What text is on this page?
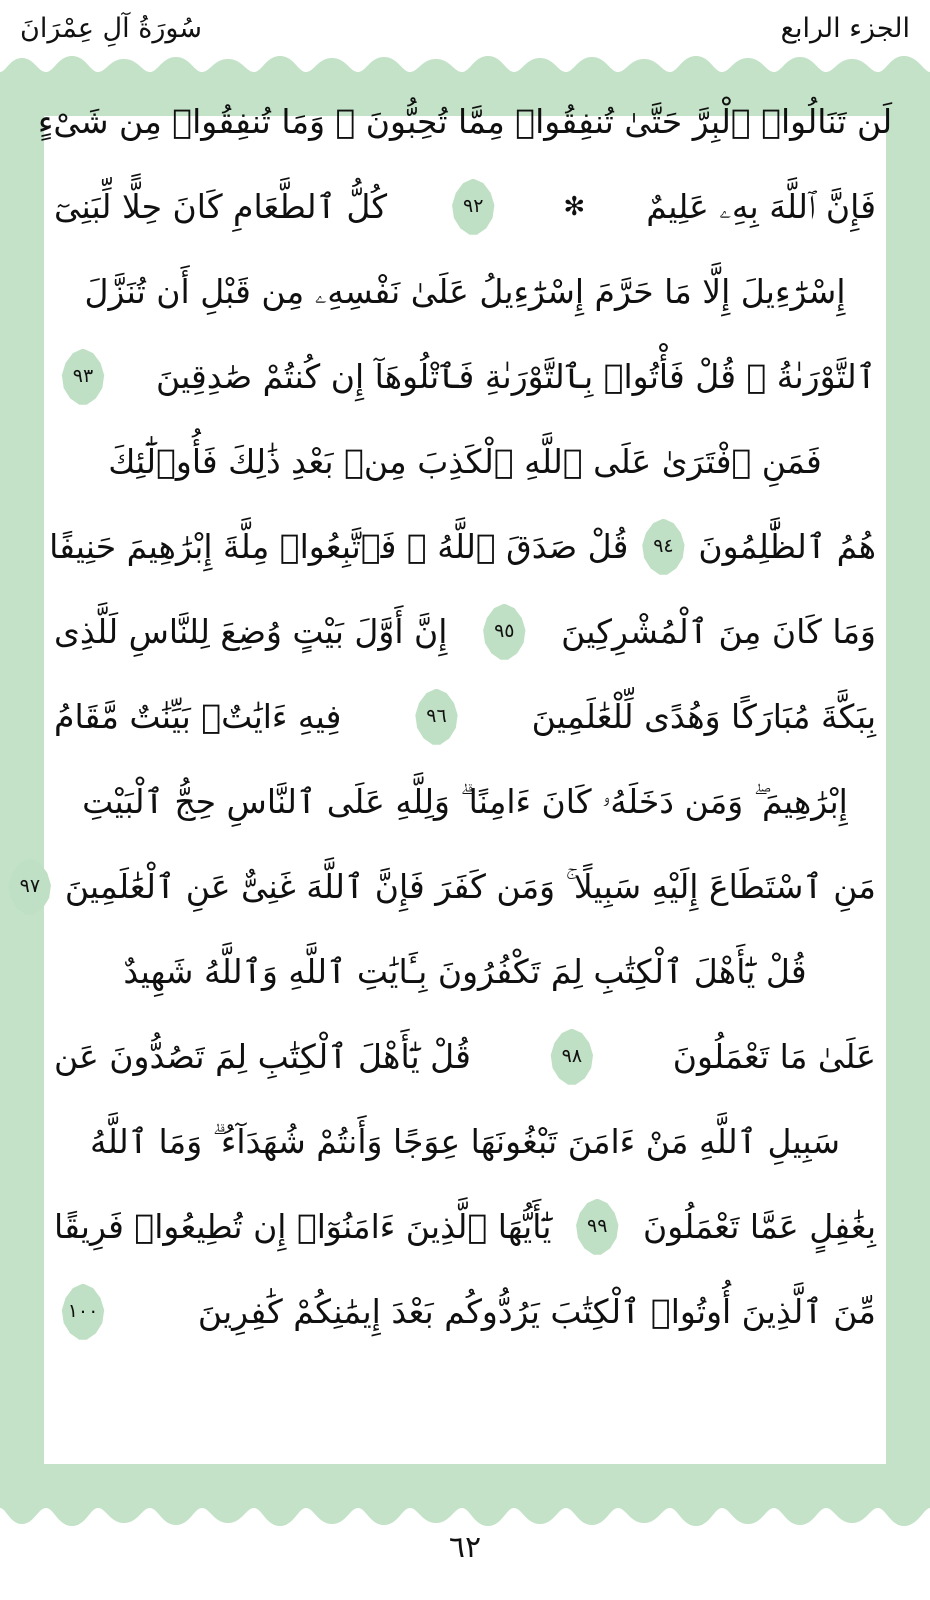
الجزء الرابع
سُورَةُ آلِ عِمْرَانَ
لَن تَنَالُوا۟ ٱلْبِرَّ حَتَّىٰ تُنفِقُوا۟ مِمَّا تُحِبُّونَ ۚ وَمَا تُنفِقُوا۟ مِن شَىْءٍ
فَإِنَّ ٱللَّهَ بِهِۦ عَلِيمٌ
✻
٩٢
كُلُّ ٱلطَّعَامِ كَانَ حِلًّا لِّبَنِىٓ
إِسْرَٰٓءِيلَ إِلَّا مَا حَرَّمَ إِسْرَٰٓءِيلُ عَلَىٰ نَفْسِهِۦ مِن قَبْلِ أَن تُنَزَّلَ
ٱلتَّوْرَىٰةُ ۗ قُلْ فَأْتُوا۟ بِٱلتَّوْرَىٰةِ فَٱتْلُوهَآ إِن كُنتُمْ صَٰدِقِينَ
٩٣
فَمَنِ ٱفْتَرَىٰ عَلَى ٱللَّهِ ٱلْكَذِبَ مِنۢ بَعْدِ ذَٰلِكَ فَأُو۟لَٰٓئِكَ
هُمُ ٱلظَّٰلِمُونَ
٩٤
قُلْ صَدَقَ ٱللَّهُ ۗ فَٱتَّبِعُوا۟ مِلَّةَ إِبْرَٰهِيمَ حَنِيفًا
وَمَا كَانَ مِنَ ٱلْمُشْرِكِينَ
٩٥
إِنَّ أَوَّلَ بَيْتٍ وُضِعَ لِلنَّاسِ لَلَّذِى
بِبَكَّةَ مُبَارَكًا وَهُدًى لِّلْعَٰلَمِينَ
٩٦
فِيهِ ءَايَٰتٌۢ بَيِّنَٰتٌ مَّقَامُ
إِبْرَٰهِيمَ ۖ وَمَن دَخَلَهُۥ كَانَ ءَامِنًا ۗ وَلِلَّهِ عَلَى ٱلنَّاسِ حِجُّ ٱلْبَيْتِ
مَنِ ٱسْتَطَاعَ إِلَيْهِ سَبِيلًا ۚ وَمَن كَفَرَ فَإِنَّ ٱللَّهَ غَنِىٌّ عَنِ ٱلْعَٰلَمِينَ
٩٧
قُلْ يَٰٓأَهْلَ ٱلْكِتَٰبِ لِمَ تَكْفُرُونَ بِـَٔايَٰتِ ٱللَّهِ وَٱللَّهُ شَهِيدٌ
عَلَىٰ مَا تَعْمَلُونَ
٩٨
قُلْ يَٰٓأَهْلَ ٱلْكِتَٰبِ لِمَ تَصُدُّونَ عَن
سَبِيلِ ٱللَّهِ مَنْ ءَامَنَ تَبْغُونَهَا عِوَجًا وَأَنتُمْ شُهَدَآءُ ۗ وَمَا ٱللَّهُ
بِغَٰفِلٍ عَمَّا تَعْمَلُونَ
٩٩
يَٰٓأَيُّهَا ٱلَّذِينَ ءَامَنُوٓا۟ إِن تُطِيعُوا۟ فَرِيقًا
مِّنَ ٱلَّذِينَ أُوتُوا۟ ٱلْكِتَٰبَ يَرُدُّوكُم بَعْدَ إِيمَٰنِكُمْ كَٰفِرِينَ
١٠٠
٦٢
